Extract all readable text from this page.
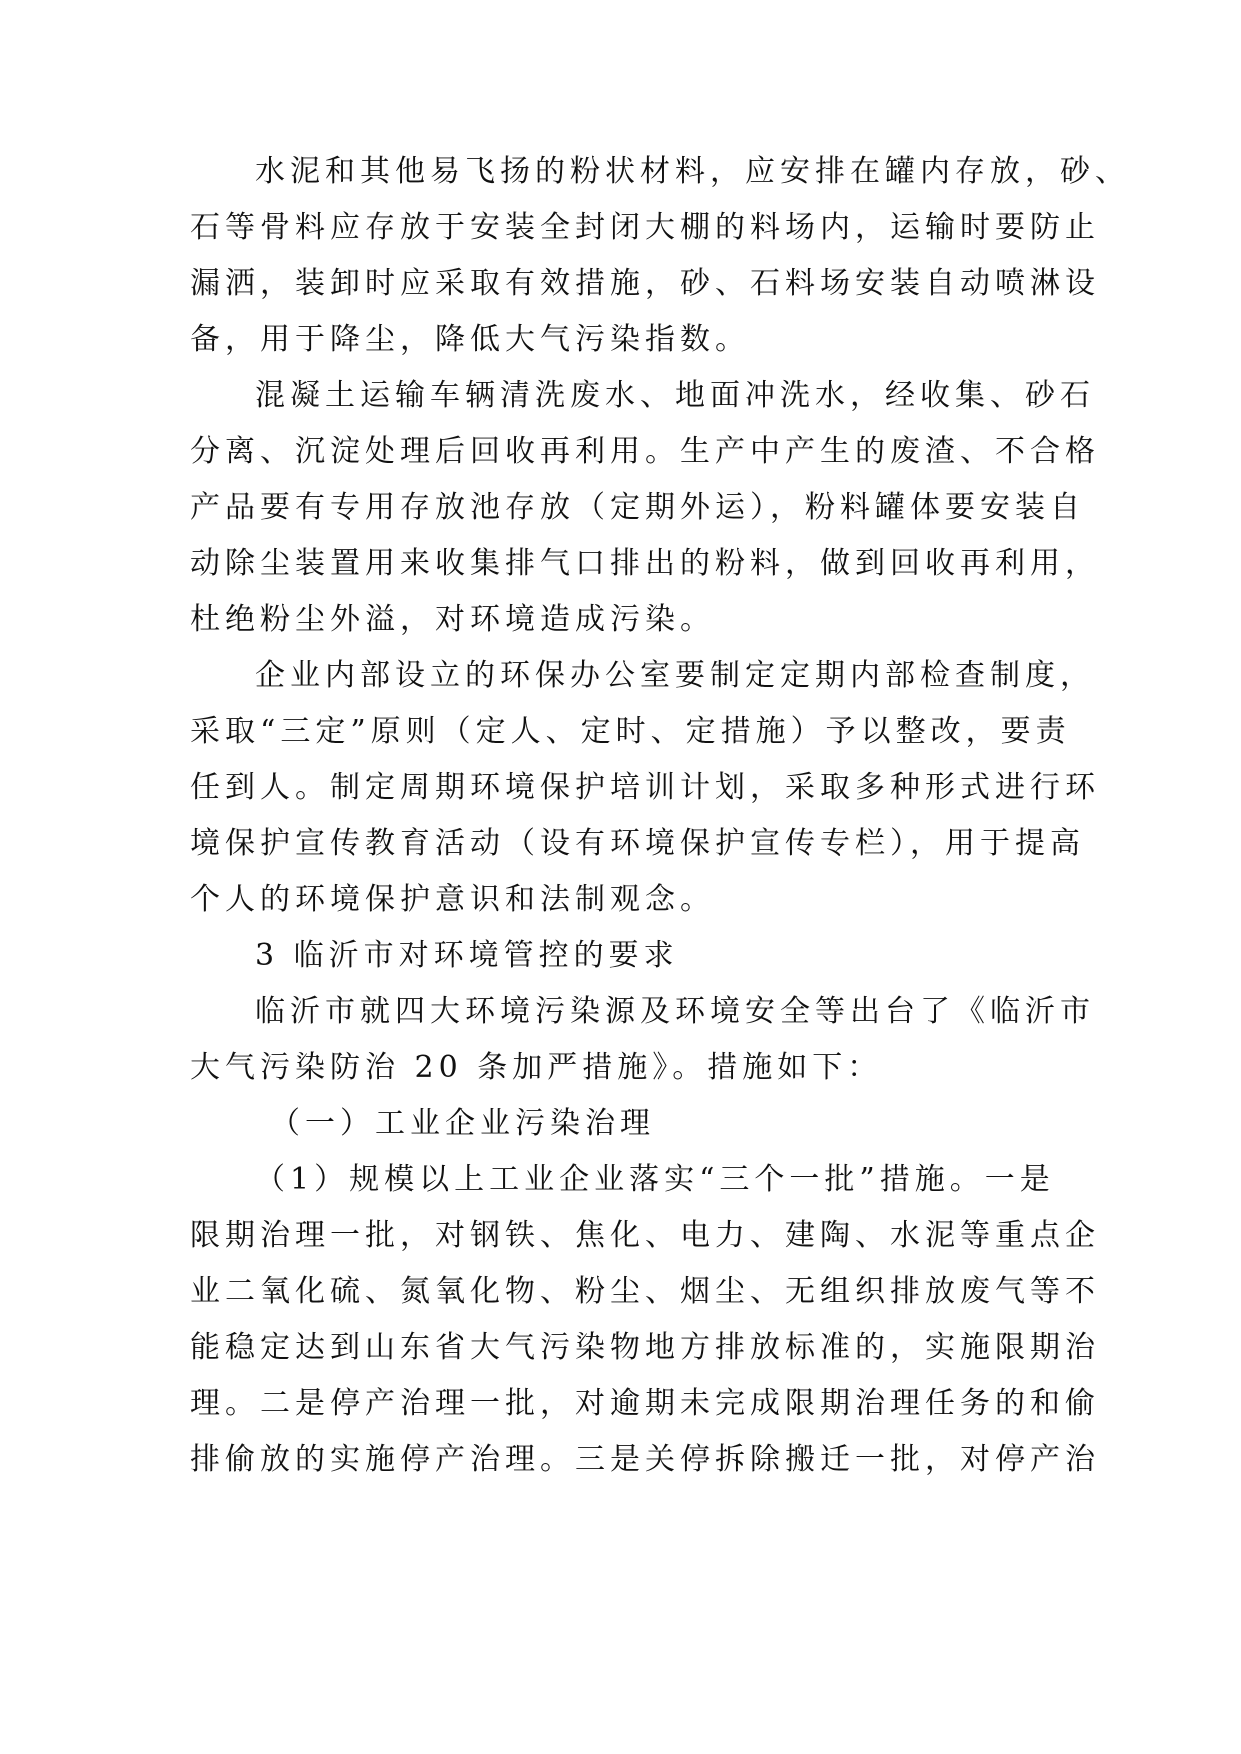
水泥和其他易飞扬的粉状材料，应安排在罐内存放，砂、
石等骨料应存放于安装全封闭大棚的料场内，运输时要防止
漏洒，装卸时应采取有效措施，砂、石料场安装自动喷淋设
备，用于降尘，降低大气污染指数。
混凝土运输车辆清洗废水、地面冲洗水，经收集、砂石
分离、沉淀处理后回收再利用。生产中产生的废渣、不合格
产品要有专用存放池存放（定期外运），粉料罐体要安装自
动除尘装置用来收集排气口排出的粉料，做到回收再利用，
杜绝粉尘外溢，对环境造成污染。
企业内部设立的环保办公室要制定定期内部检查制度，
采取“三定”原则（定人、定时、定措施）予以整改，要责
任到人。制定周期环境保护培训计划，采取多种形式进行环
境保护宣传教育活动（设有环境保护宣传专栏），用于提高
个人的环境保护意识和法制观念。
3 临沂市对环境管控的要求
临沂市就四大环境污染源及环境安全等出台了《临沂市
大气污染防治 20 条加严措施》。措施如下：
（一）工业企业污染治理
（1）规模以上工业企业落实“三个一批”措施。一是
限期治理一批，对钢铁、焦化、电力、建陶、水泥等重点企
业二氧化硫、氮氧化物、粉尘、烟尘、无组织排放废气等不
能稳定达到山东省大气污染物地方排放标准的，实施限期治
理。二是停产治理一批，对逾期未完成限期治理任务的和偷
排偷放的实施停产治理。三是关停拆除搬迁一批，对停产治
